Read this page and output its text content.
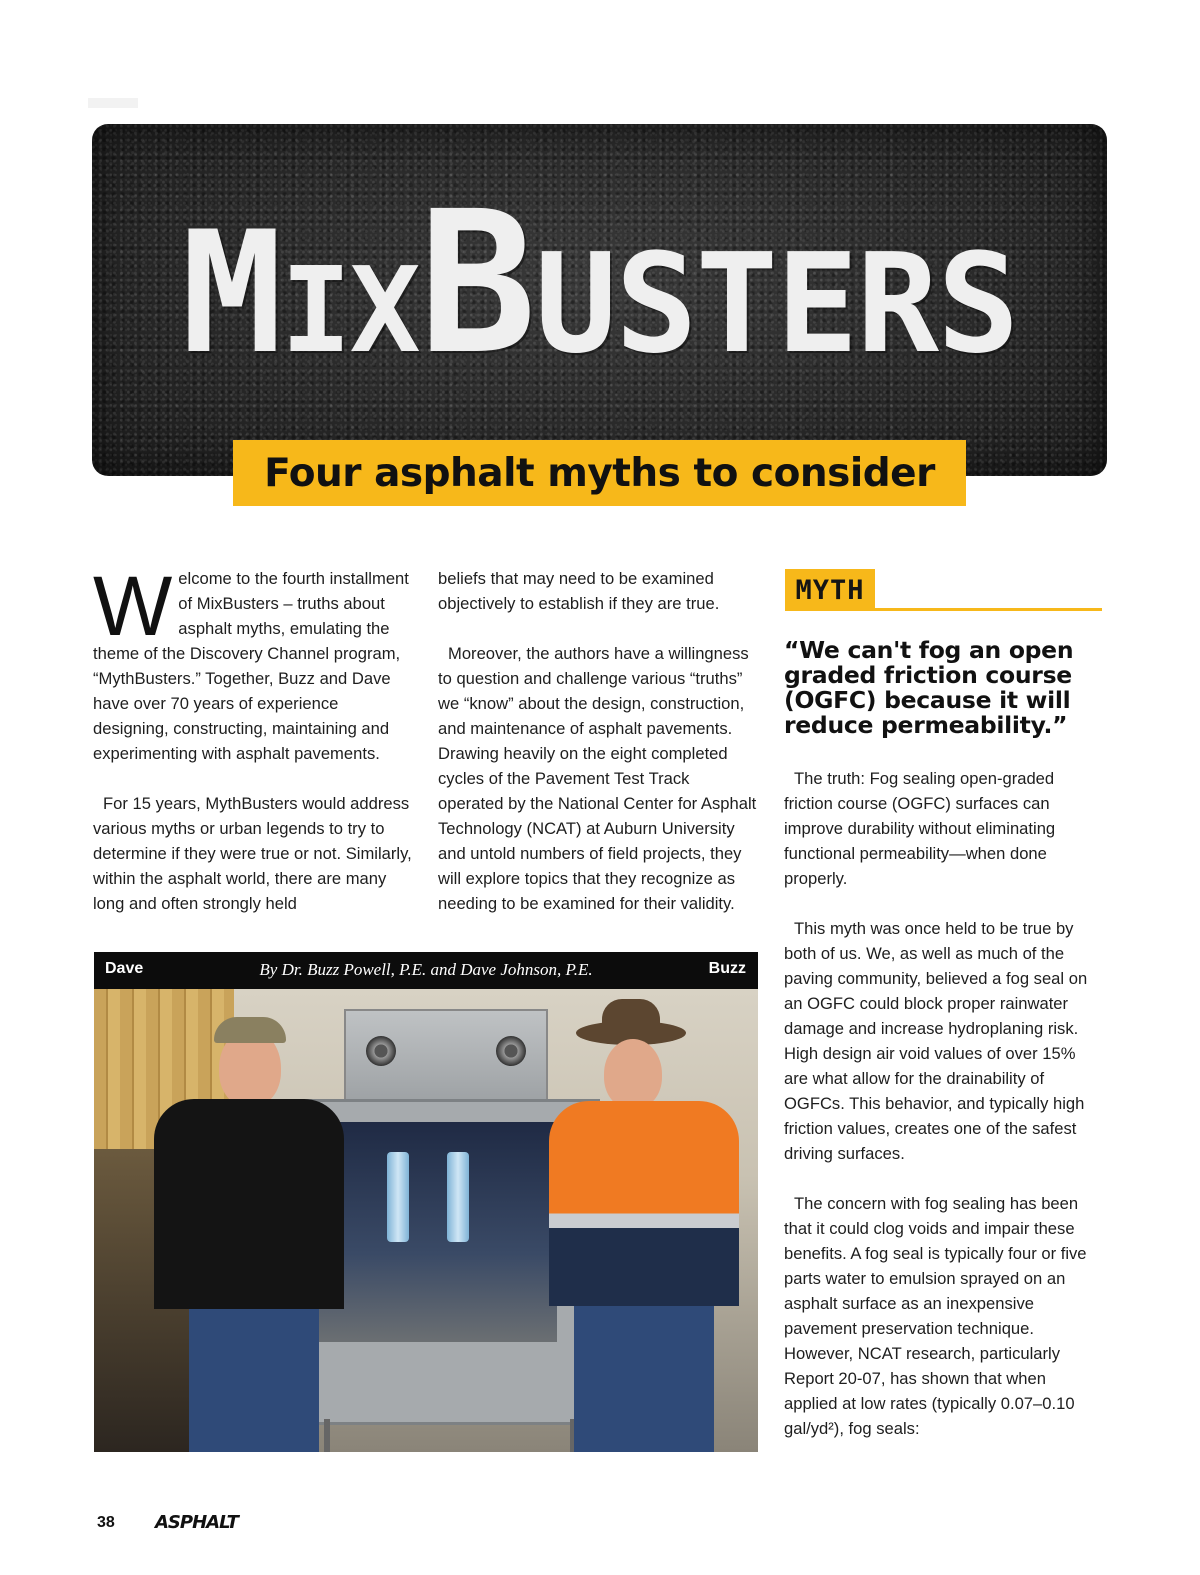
MixBusters
Four asphalt myths to consider

Welcome to the fourth installment of MixBusters – truths about asphalt myths, emulating the theme of the Discovery Channel program, “MythBusters.” Together, Buzz and Dave have over 70 years of experience designing, constructing, maintaining and experimenting with asphalt pavements.

For 15 years, MythBusters would address various myths or urban legends to try to determine if they were true or not. Similarly, within the asphalt world, there are many long and often strongly held

beliefs that may need to be examined objectively to establish if they are true.

Moreover, the authors have a willingness to question and challenge various “truths” we “know” about the design, construction, and maintenance of asphalt pavements. Drawing heavily on the eight completed cycles of the Pavement Test Track operated by the National Center for Asphalt Technology (NCAT) at Auburn University and untold numbers of field projects, they will explore topics that they recognize as needing to be examined for their validity.

Dave	By Dr. Buzz Powell, P.E. and Dave Johnson, P.E.	Buzz
MYTH
“We can't fog an open graded friction course (OGFC) because it will reduce permeability.”

The truth: Fog sealing open-graded friction course (OGFC) surfaces can improve durability without eliminating functional permeability—when done properly.

This myth was once held to be true by both of us. We, as well as much of the paving community, believed a fog seal on an OGFC could block proper rainwater damage and increase hydroplaning risk. High design air void values of over 15% are what allow for the drainability of OGFCs. This behavior, and typically high friction values, creates one of the safest driving surfaces.

The concern with fog sealing has been that it could clog voids and impair these benefits. A fog seal is typically four or five parts water to emulsion sprayed on an asphalt surface as an inexpensive pavement preservation technique. However, NCAT research, particularly Report 20-07, has shown that when applied at low rates (typically 0.07–0.10 gal/yd²), fog seals:

38 ASPHALT
